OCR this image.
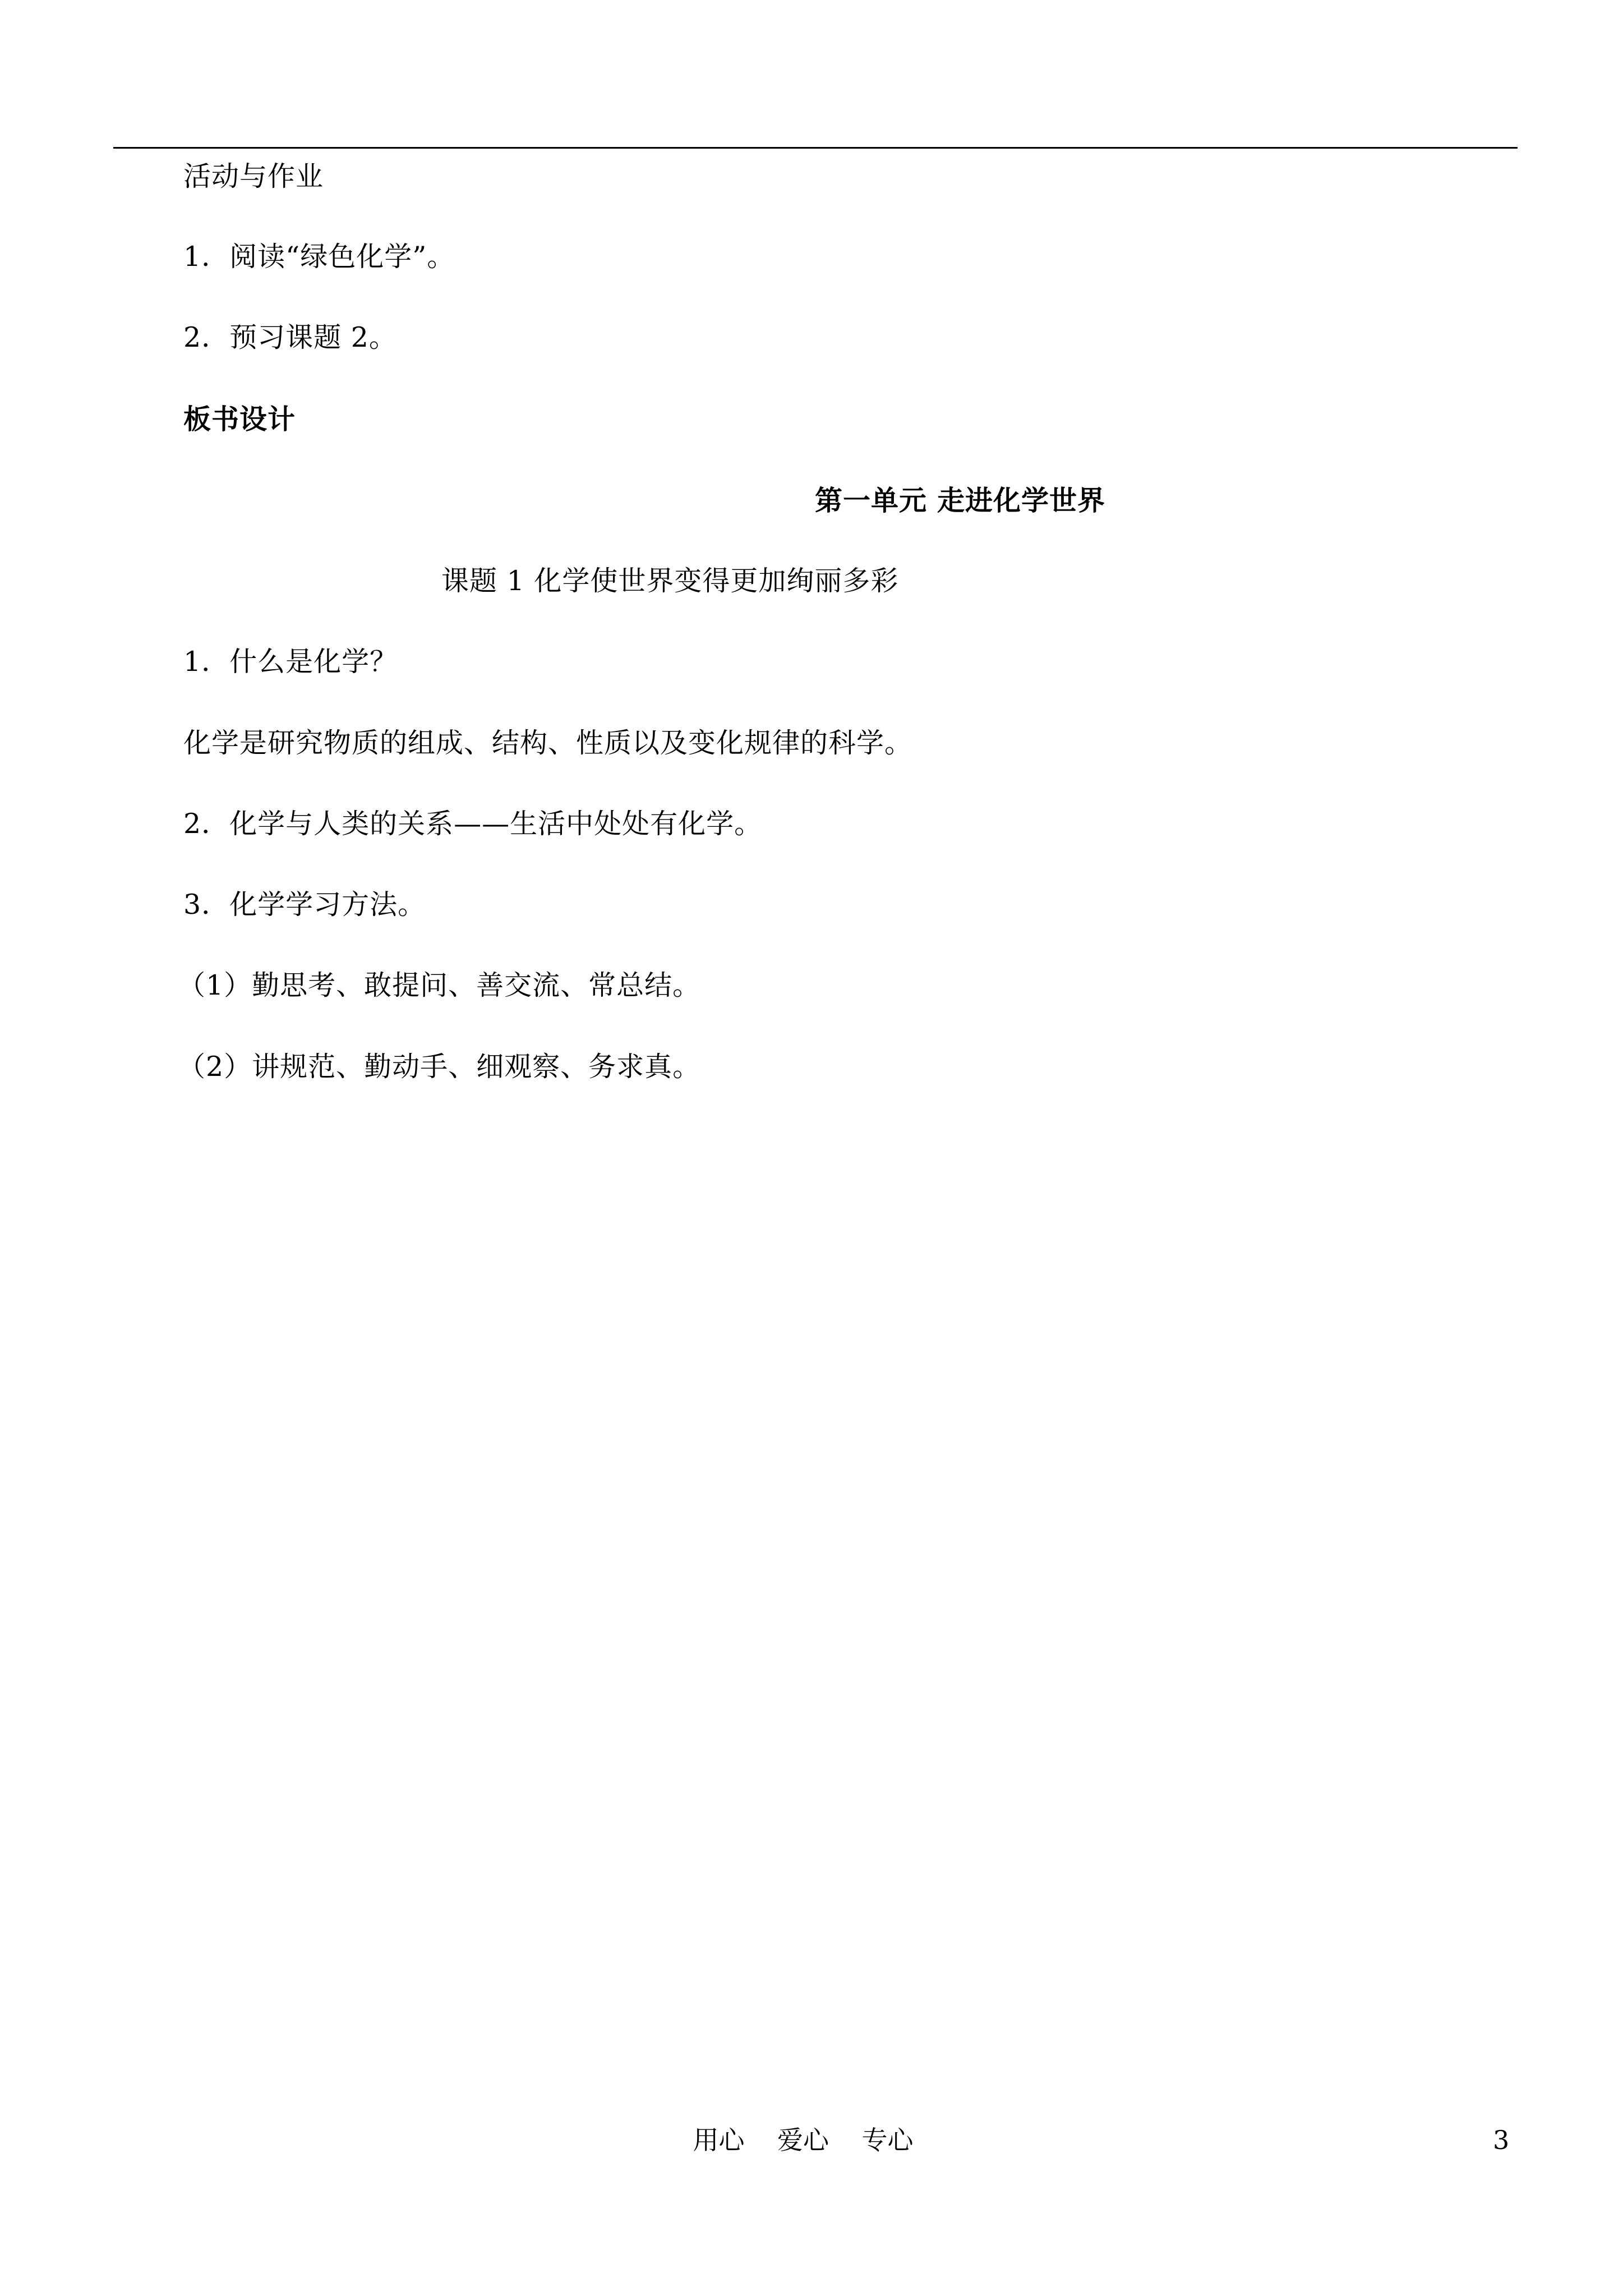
活动与作业
1．阅读“绿色化学”。
2．预习课题 2。
板书设计
第一单元 走进化学世界
课题 1 化学使世界变得更加绚丽多彩
1．什么是化学？
化学是研究物质的组成、结构、性质以及变化规律的科学。
2．化学与人类的关系——生活中处处有化学。
3．化学学习方法。
（1）勤思考、敢提问、善交流、常总结。
（2）讲规范、勤动手、细观察、务求真。
用心    爱心    专心	3
